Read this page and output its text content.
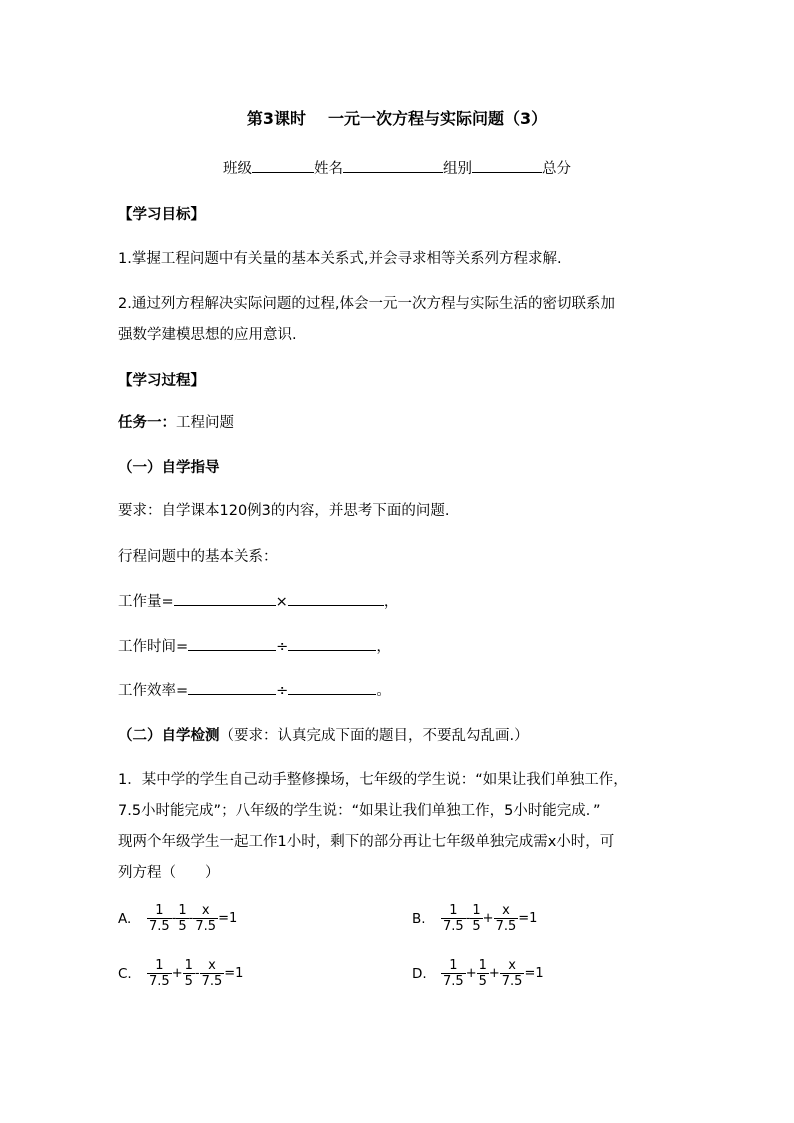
第3课时 一元一次方程与实际问题（3）
班级	姓名	组别	总分
【学习目标】
1.掌握工程问题中有关量的基本关系式,并会寻求相等关系列方程求解.
2.通过列方程解决实际问题的过程,体会一元一次方程与实际生活的密切联系加
强数学建模思想的应用意识.
【学习过程】
任务一：工程问题
（一）自学指导
要求：自学课本120例3的内容，并思考下面的问题.
行程问题中的基本关系：
工作量=	×	，
工作时间=	÷	，
工作效率=	÷	。
（二）自学检测（要求：认真完成下面的题目，不要乱勾乱画.）
1．某中学的学生自己动手整修操场，七年级的学生说：“如果让我们单独工作，
7.5小时能完成”；八年级的学生说：“如果让我们单独工作，5小时能完成．”
现两个年级学生一起工作1小时，剩下的部分再让七年级单独完成需x小时，可
列方程（　　）
A. $\frac{1}{7.5} - \frac{1}{5} - \frac{x}{7.5} =1$	B. $\frac{1}{7.5} - \frac{1}{5} + \frac{x}{7.5} =1$
C. $\frac{1}{7.5} + \frac{1}{5} - \frac{x}{7.5} =1$	D. $\frac{1}{7.5} + \frac{1}{5} + \frac{x}{7.5} =1$
